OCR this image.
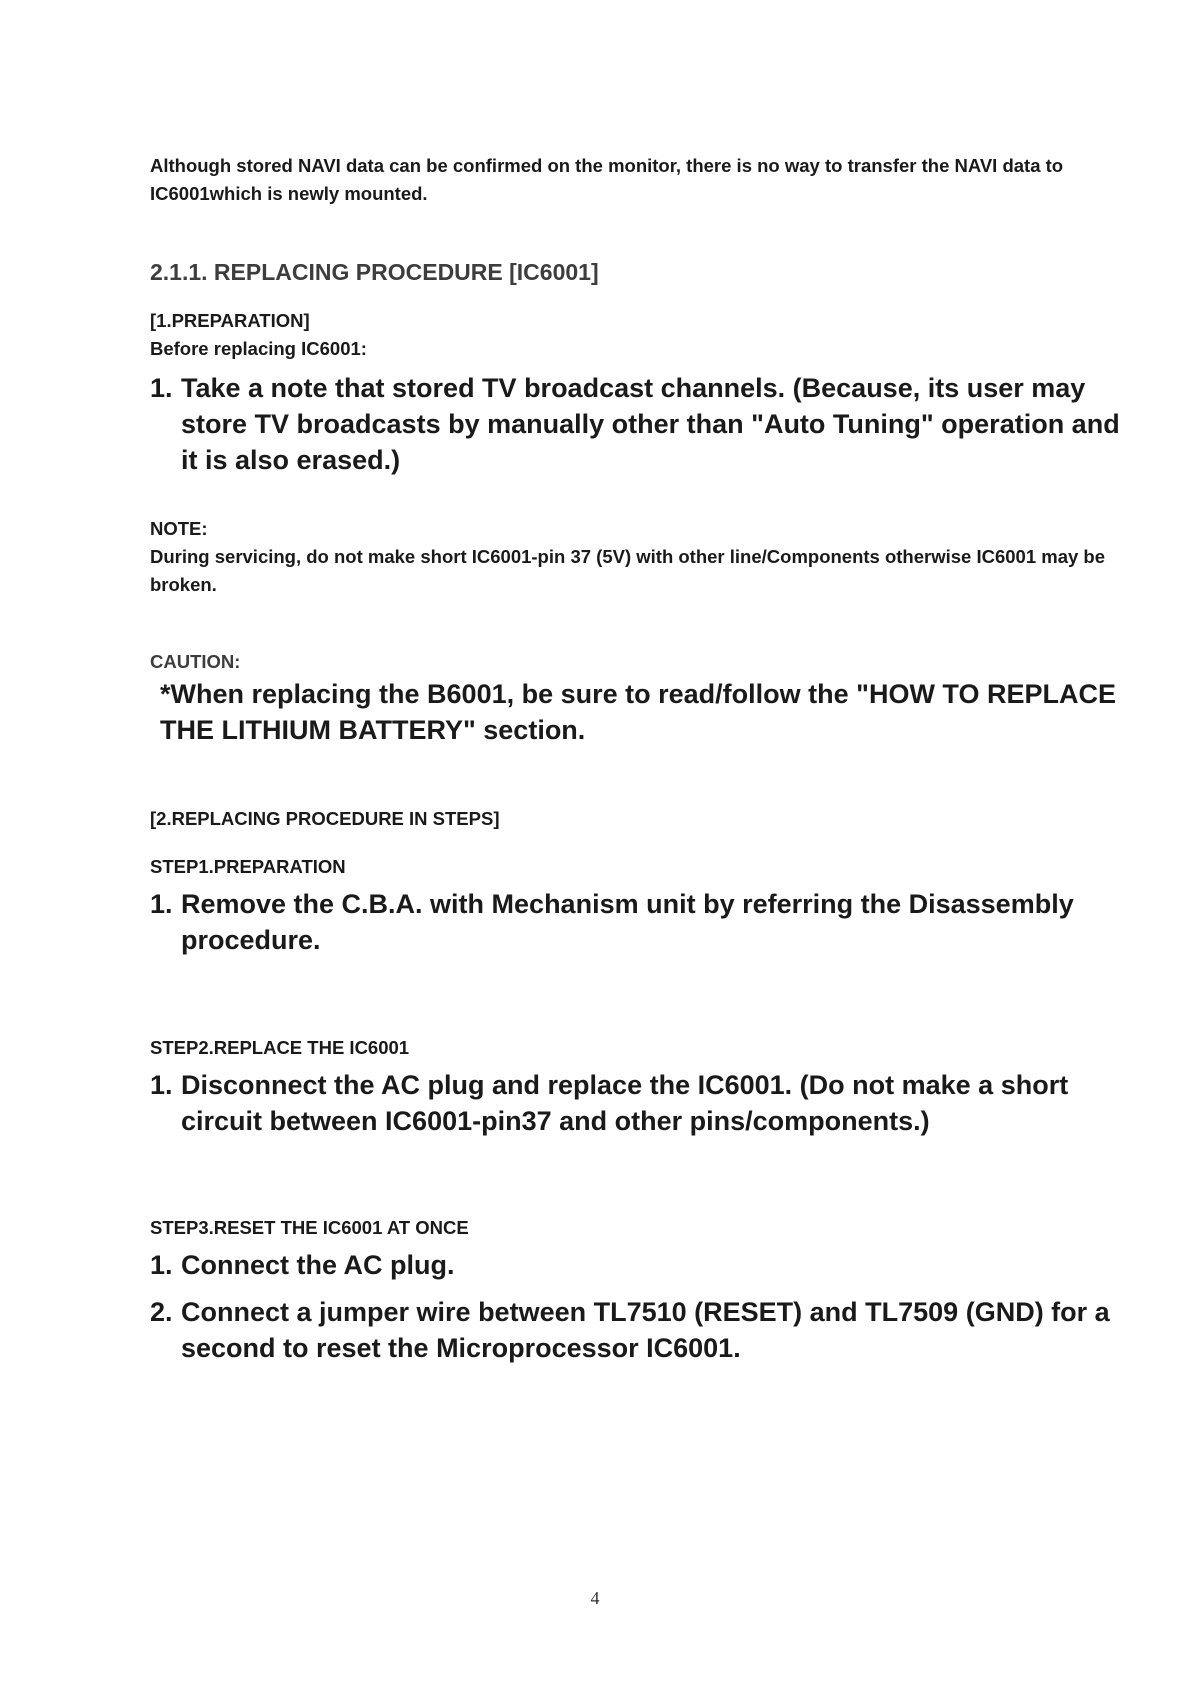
Although stored NAVI data can be confirmed on the monitor, there is no way to transfer the NAVI data to IC6001which is newly mounted.

2.1.1. REPLACING PROCEDURE [IC6001]

[1.PREPARATION]

Before replacing IC6001:

1. Take a note that stored TV broadcast channels. (Because, its user may store TV broadcasts by manually other than "Auto Tuning" operation and it is also erased.)

NOTE:

During servicing, do not make short IC6001-pin 37 (5V) with other line/Components otherwise IC6001 may be broken.

CAUTION:

*When replacing the B6001, be sure to read/follow the "HOW TO REPLACE THE LITHIUM BATTERY" section.

[2.REPLACING PROCEDURE IN STEPS]

STEP1.PREPARATION

1. Remove the C.B.A. with Mechanism unit by referring the Disassembly procedure.

STEP2.REPLACE THE IC6001

1. Disconnect the AC plug and replace the IC6001. (Do not make a short circuit between IC6001-pin37 and other pins/components.)

STEP3.RESET THE IC6001 AT ONCE

1. Connect the AC plug.
2. Connect a jumper wire between TL7510 (RESET) and TL7509 (GND) for a second to reset the Microprocessor IC6001.
4
